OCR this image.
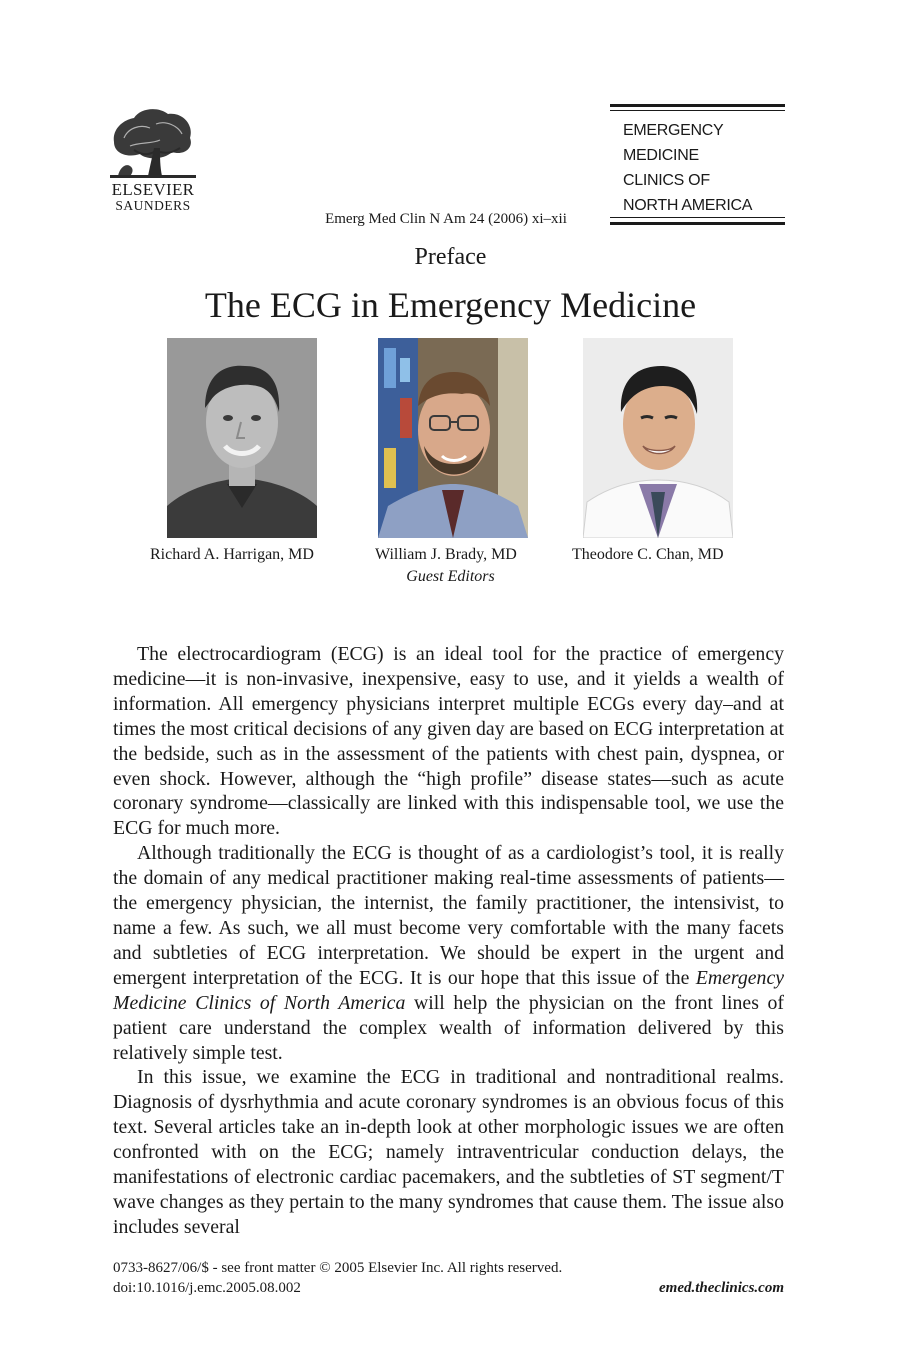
ELSEVIER
SAUNDERS
EMERGENCY
MEDICINE
CLINICS OF
NORTH AMERICA
Emerg Med Clin N Am 24 (2006) xi–xii
Preface
The ECG in Emergency Medicine
Richard A. Harrigan, MD	William J. Brady, MD	Theodore C. Chan, MD
Guest Editors

The electrocardiogram (ECG) is an ideal tool for the practice of emergency medicine—it is non-invasive, inexpensive, easy to use, and it yields a wealth of information. All emergency physicians interpret multiple ECGs every day–and at times the most critical decisions of any given day are based on ECG interpretation at the bedside, such as in the assessment of the patients with chest pain, dyspnea, or even shock. However, although the “high profile” disease states—such as acute coronary syndrome—classically are linked with this indispensable tool, we use the ECG for much more.

Although traditionally the ECG is thought of as a cardiologist’s tool, it is really the domain of any medical practitioner making real-time assessments of patients—the emergency physician, the internist, the family practitioner, the intensivist, to name a few. As such, we all must become very comfortable with the many facets and subtleties of ECG interpretation. We should be expert in the urgent and emergent interpretation of the ECG. It is our hope that this issue of the Emergency Medicine Clinics of North America will help the physician on the front lines of patient care understand the complex wealth of information delivered by this relatively simple test.

In this issue, we examine the ECG in traditional and nontraditional realms. Diagnosis of dysrhythmia and acute coronary syndromes is an obvious focus of this text. Several articles take an in-depth look at other morphologic issues we are often confronted with on the ECG; namely intraventricular conduction delays, the manifestations of electronic cardiac pacemakers, and the subtleties of ST segment/T wave changes as they pertain to the many syndromes that cause them. The issue also includes several

0733-8627/06/$ - see front matter © 2005 Elsevier Inc. All rights reserved.
doi:10.1016/j.emc.2005.08.002	emed.theclinics.com
